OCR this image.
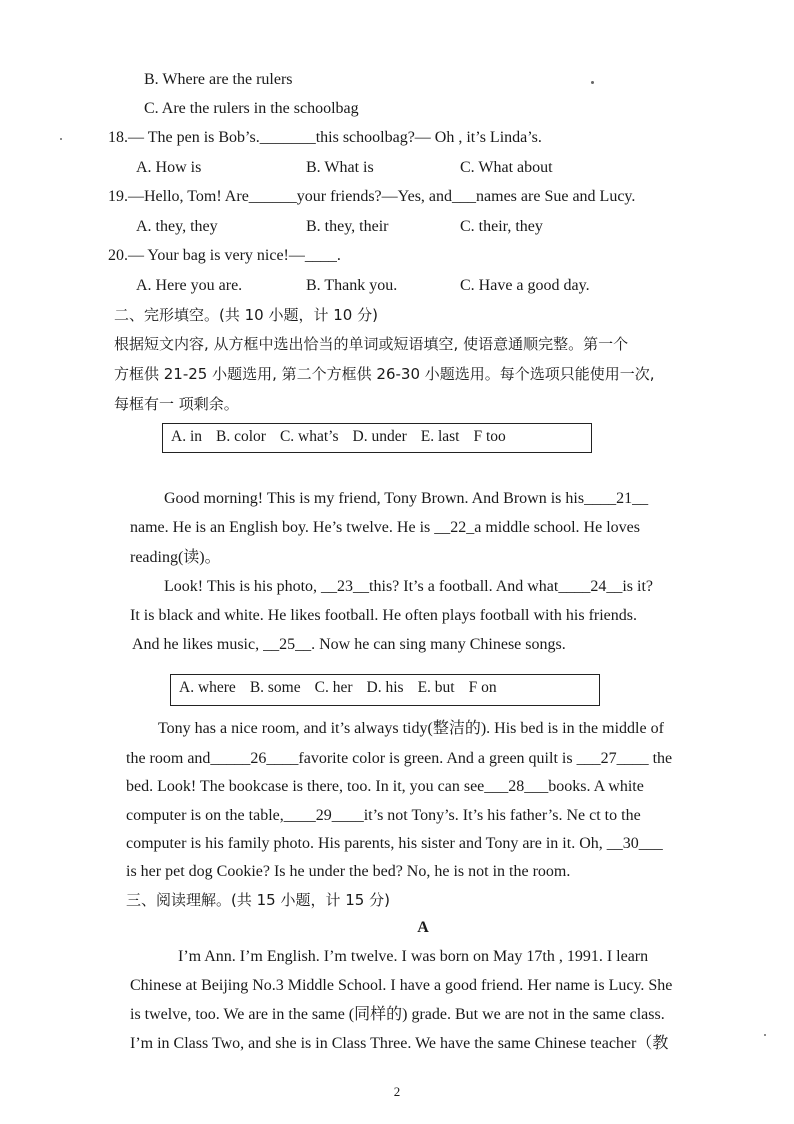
B. Where are the rulers
C. Are the rulers in the schoolbag
18.— The pen is Bob’s._______this schoolbag?— Oh , it’s Linda’s.
A. How is	B. What is	C. What about
19.—Hello, Tom! Are______your friends?—Yes, and___names are Sue and Lucy.
A. they, they	B. they, their	C. their, they
20.— Your bag is very nice!—____.
A. Here you are.	B. Thank you.	C. Have a good day.
二、完形填空。(共 10 小题，计 10 分)
根据短文内容, 从方框中选出恰当的单词或短语填空, 使语意通顺完整。第一个
方框供 21-25 小题选用, 第二个方框供 26-30 小题选用。每个选项只能使用一次,
每框有一 项剩余。
A. in B. color C. what’s D. under E. last F too
Good morning! This is my friend, Tony Brown. And Brown is his____21__
name. He is an English boy. He’s twelve. He is __22_a middle school. He loves
reading(读)。
Look! This is his photo, __23__this? It’s a football. And what____24__is it?
It is black and white. He likes football. He often plays football with his friends.
And he likes music, __25__. Now he can sing many Chinese songs.
A. where B. some C. her D. his E. but F on
Tony has a nice room, and it’s always tidy(整洁的). His bed is in the middle of
the room and_____26____favorite color is green. And a green quilt is ___27____ the
bed. Look! The bookcase is there, too. In it, you can see___28___books. A white
computer is on the table,____29____it’s not Tony’s. It’s his father’s. Ne ct to the
computer is his family photo. His parents, his sister and Tony are in it. Oh, __30___
is her pet dog Cookie? Is he under the bed? No, he is not in the room.
三、阅读理解。(共 15 小题，计 15 分)
A
I’m Ann. I’m English. I’m twelve. I was born on May 17th , 1991. I learn
Chinese at Beijing No.3 Middle School. I have a good friend. Her name is Lucy. She
is twelve, too. We are in the same (同样的) grade. But we are not in the same class.
I’m in Class Two, and she is in Class Three. We have the same Chinese teacher（教
2
